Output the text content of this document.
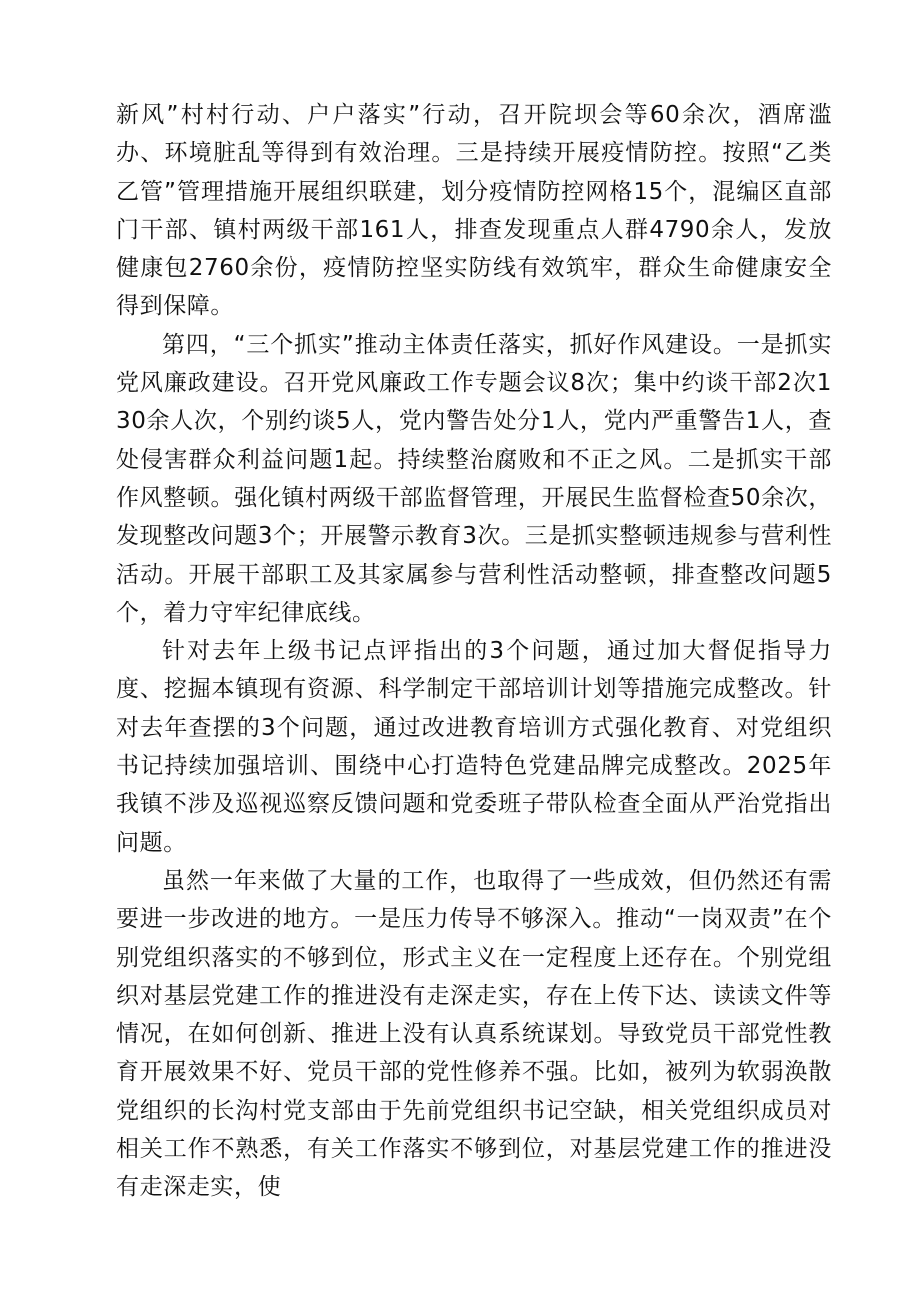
新风”村村行动、户户落实”行动，召开院坝会等60余次，酒席滥办、环境脏乱等得到有效治理。三是持续开展疫情防控。按照“乙类乙管”管理措施开展组织联建，划分疫情防控网格15个，混编区直部门干部、镇村两级干部161人，排查发现重点人群4790余人，发放健康包2760余份，疫情防控坚实防线有效筑牢，群众生命健康安全得到保障。

第四，“三个抓实”推动主体责任落实，抓好作风建设。一是抓实党风廉政建设。召开党风廉政工作专题会议8次；集中约谈干部2次130余人次，个别约谈5人，党内警告处分1人，党内严重警告1人，查处侵害群众利益问题1起。持续整治腐败和不正之风。二是抓实干部作风整顿。强化镇村两级干部监督管理，开展民生监督检查50余次，发现整改问题3个；开展警示教育3次。三是抓实整顿违规参与营利性活动。开展干部职工及其家属参与营利性活动整顿，排查整改问题5个，着力守牢纪律底线。

针对去年上级书记点评指出的3个问题，通过加大督促指导力度、挖掘本镇现有资源、科学制定干部培训计划等措施完成整改。针对去年查摆的3个问题，通过改进教育培训方式强化教育、对党组织书记持续加强培训、围绕中心打造特色党建品牌完成整改。2025年我镇不涉及巡视巡察反馈问题和党委班子带队检查全面从严治党指出问题。

虽然一年来做了大量的工作，也取得了一些成效，但仍然还有需要进一步改进的地方。一是压力传导不够深入。推动“一岗双责”在个别党组织落实的不够到位，形式主义在一定程度上还存在。个别党组织对基层党建工作的推进没有走深走实，存在上传下达、读读文件等情况，在如何创新、推进上没有认真系统谋划。导致党员干部党性教育开展效果不好、党员干部的党性修养不强。比如，被列为软弱涣散党组织的长沟村党支部由于先前党组织书记空缺，相关党组织成员对相关工作不熟悉，有关工作落实不够到位，对基层党建工作的推进没有走深走实，使
